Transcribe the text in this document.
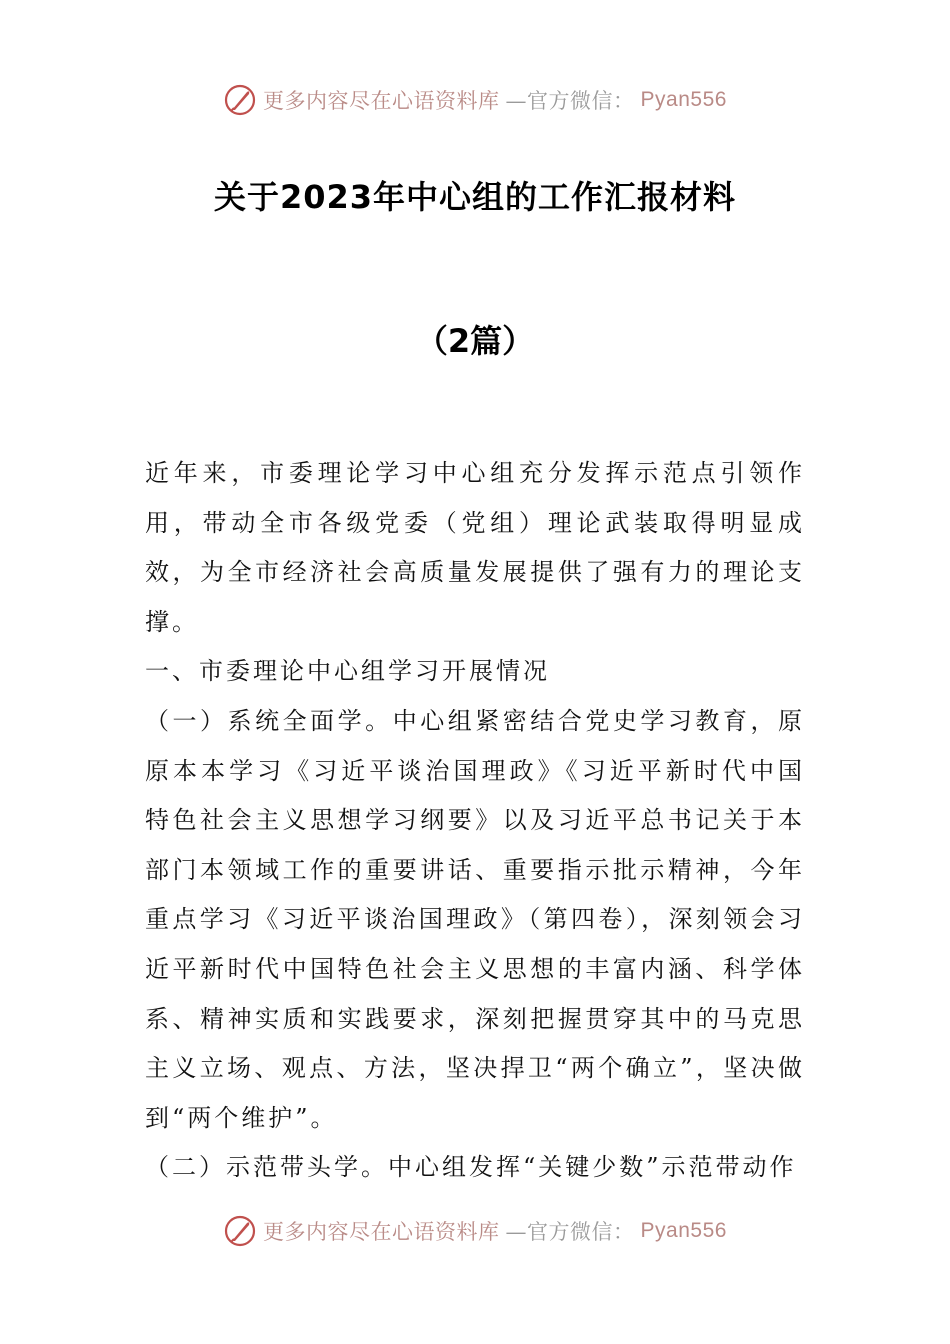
更多内容尽在心语资料库 —官方微信： Pyan556
关于2023年中心组的工作汇报材料
（2篇）

近年来，市委理论学习中心组充分发挥示范点引领作用，带动全市各级党委（党组）理论武装取得明显成效，为全市经济社会高质量发展提供了强有力的理论支撑。

一、市委理论中心组学习开展情况

（一）系统全面学。中心组紧密结合党史学习教育，原原本本学习《习近平谈治国理政》《习近平新时代中国特色社会主义思想学习纲要》以及习近平总书记关于本部门本领域工作的重要讲话、重要指示批示精神，今年重点学习《习近平谈治国理政》（第四卷），深刻领会习近平新时代中国特色社会主义思想的丰富内涵、科学体系、精神实质和实践要求，深刻把握贯穿其中的马克思主义立场、观点、方法，坚决捍卫“两个确立”，坚决做到“两个维护”。

（二）示范带头学。中心组发挥“关键少数”示范带动作

更多内容尽在心语资料库 —官方微信： Pyan556
